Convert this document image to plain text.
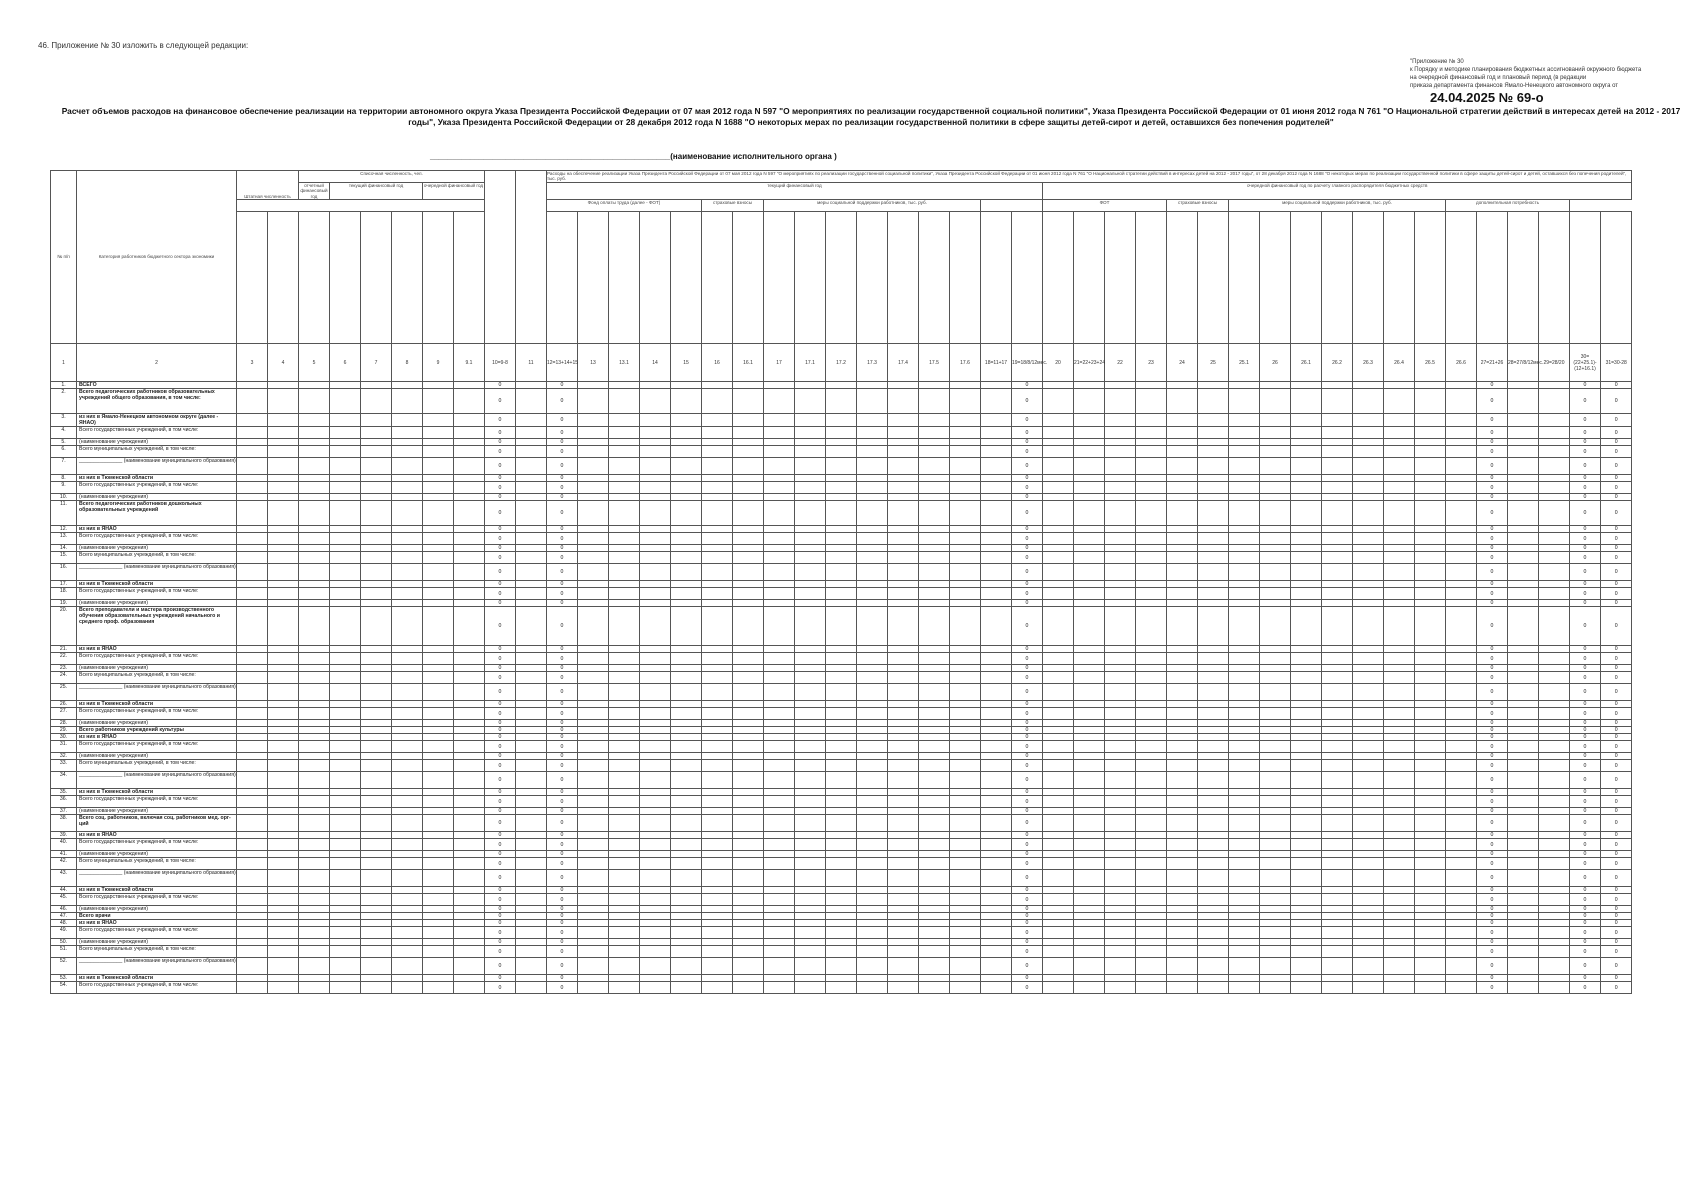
46. Приложение № 30 изложить в следующей редакции:
"Приложение № 30
к Порядку и методике планирования бюджетных ассигнований окружного бюджета
на очередной финансовый год и плановый период (в редакции
приказа департамента финансов Ямало-Ненецкого автономного округа от
24.04.2025 № 69-о
Расчет объемов расходов на финансовое обеспечение реализации на территории автономного округа Указа Президента Российской Федерации от 07 мая 2012 года N 597 "О мероприятиях по реализации государственной социальной политики", Указа Президента Российской Федерации от 01 июня 2012 года N 761 "О Национальной стратегии действий в интересах детей на 2012 - 2017 годы", Указа Президента Российской Федерации от 28 декабря 2012 года N 1688 "О некоторых мерах по реализации государственной политики в сфере защиты детей-сирот и детей, оставшихся без попечения родителей"
______________________________________________________(наименование исполнительного органа )
№ п/п	Категория работников бюджетного сектора экономики	Штатная численность		Списочная численность, чел.								Расходы на обеспечение реализации Указа Президента Российской Федерации от 07 мая 2012 года N 597 "О мероприятиях по реализации государственной социальной политики", Указа Президента Российской Федерации от 01 июня 2012 года N 761 "О Национальной стратегии действий в интересах детей на 2012 - 2017 годы", от 28 декабря 2012 года N 1688 "О некоторых мерах по реализации государственной политики в сфере защиты детей-сирот и детей, оставшихся без попечения родителей", тыс. руб.																																		
				отчетный финансовый год	текущий финансовый год			очередной финансовый год				текущий финансовый год																очередной финансовый год по расчету главного распорядителя бюджетных средств																		
												Фонд оплаты труда (далее - ФОТ)					страховые взносы		меры социальной поддержки работников, тыс. руб.									ФОТ				страховые взносы		меры социальной поддержки работников, тыс. руб.							дополнительная потребность					

1	2	3	4	5	6	7	8	9	9.1	10=9-8	11	12=13+14+15	13	13.1	14	15	16	16.1	17	17.1	17.2	17.3	17.4	17.5	17.6	18=11+17	19=18/8/12мес.	20	21=22+23+24	22	23	24	25	25.1	26	26.1	26.2	26.3	26.4	26.5	26.6	27=21+26	28=27/8/12мес.	29=28/20	30=(22+25.1)-(12+16.1)	31=30-28
1.	ВСЕГО									0		0															0															0			0	0
2.	Всего педагогических работников образовательных учреждений общего образования, в том числе:									0		0															0															0			0	0
3.	из них в Ямало-Ненецком автономном округе (далее - ЯНАО)									0		0															0															0			0	0
4.	Всего государственных учреждений, в том числе:									0		0															0															0			0	0
5.	(наименование учреждения)									0		0															0															0			0	0
6.	Всего муниципальных учреждений, в том числе:									0		0															0															0			0	0
7.	_______________ (наименование муниципального образования)									0		0															0															0			0	0
8.	из них в Тюменской области									0		0															0															0			0	0
9.	Всего государственных учреждений, в том числе:									0		0															0															0			0	0
10.	(наименование учреждения)									0		0															0															0			0	0
11.	Всего педагогических работников дошкольных образовательных учреждений									0		0															0															0			0	0
12.	из них в ЯНАО									0		0															0															0			0	0
13.	Всего государственных учреждений, в том числе:									0		0															0															0			0	0
14.	(наименование учреждения)									0		0															0															0			0	0
15.	Всего муниципальных учреждений, в том числе:									0		0															0															0			0	0
16.	_______________ (наименование муниципального образования)									0		0															0															0			0	0
17.	из них в Тюменской области									0		0															0															0			0	0
18.	Всего государственных учреждений, в том числе:									0		0															0															0			0	0
19.	(наименование учреждения)									0		0															0															0			0	0
20.	Всего преподаватели и мастера производственного обучения образовательных учреждений начального и среднего проф. образования									0		0															0															0			0	0
21.	из них в ЯНАО									0		0															0															0			0	0
22.	Всего государственных учреждений, в том числе:									0		0															0															0			0	0
23.	(наименование учреждения)									0		0															0															0			0	0
24.	Всего муниципальных учреждений, в том числе:									0		0															0															0			0	0
25.	_______________ (наименование муниципального образования)									0		0															0															0			0	0
26.	из них в Тюменской области									0		0															0															0			0	0
27.	Всего государственных учреждений, в том числе:									0		0															0															0			0	0
28.	(наименование учреждения)									0		0															0															0			0	0
29.	Всего работников учреждений культуры									0		0															0															0			0	0
30.	из них в ЯНАО									0		0															0															0			0	0
31.	Всего государственных учреждений, в том числе:									0		0															0															0			0	0
32.	(наименование учреждения)									0		0															0															0			0	0
33.	Всего муниципальных учреждений, в том числе:									0		0															0															0			0	0
34.	_______________ (наименование муниципального образования)									0		0															0															0			0	0
35.	из них в Тюменской области									0		0															0															0			0	0
36.	Всего государственных учреждений, в том числе:									0		0															0															0			0	0
37.	(наименование учреждения)									0		0															0															0			0	0
38.	Всего соц. работников, включая соц. работников мед. орг-ций									0		0															0															0			0	0
39.	из них в ЯНАО									0		0															0															0			0	0
40.	Всего государственных учреждений, в том числе:									0		0															0															0			0	0
41.	(наименование учреждения)									0		0															0															0			0	0
42.	Всего муниципальных учреждений, в том числе:									0		0															0															0			0	0
43.	_______________ (наименование муниципального образования)									0		0															0															0			0	0
44.	из них в Тюменской области									0		0															0															0			0	0
45.	Всего государственных учреждений, в том числе:									0		0															0															0			0	0
46.	(наименование учреждения)									0		0															0															0			0	0
47.	Всего врачи									0		0															0															0			0	0
48.	из них в ЯНАО									0		0															0															0			0	0
49.	Всего государственных учреждений, в том числе:									0		0															0															0			0	0
50.	(наименование учреждения)									0		0															0															0			0	0
51.	Всего муниципальных учреждений, в том числе:									0		0															0															0			0	0
52.	_______________ (наименование муниципального образования)									0		0															0															0			0	0
53.	из них в Тюменской области									0		0															0															0			0	0
54.	Всего государственных учреждений, в том числе:									0		0															0															0			0	0
